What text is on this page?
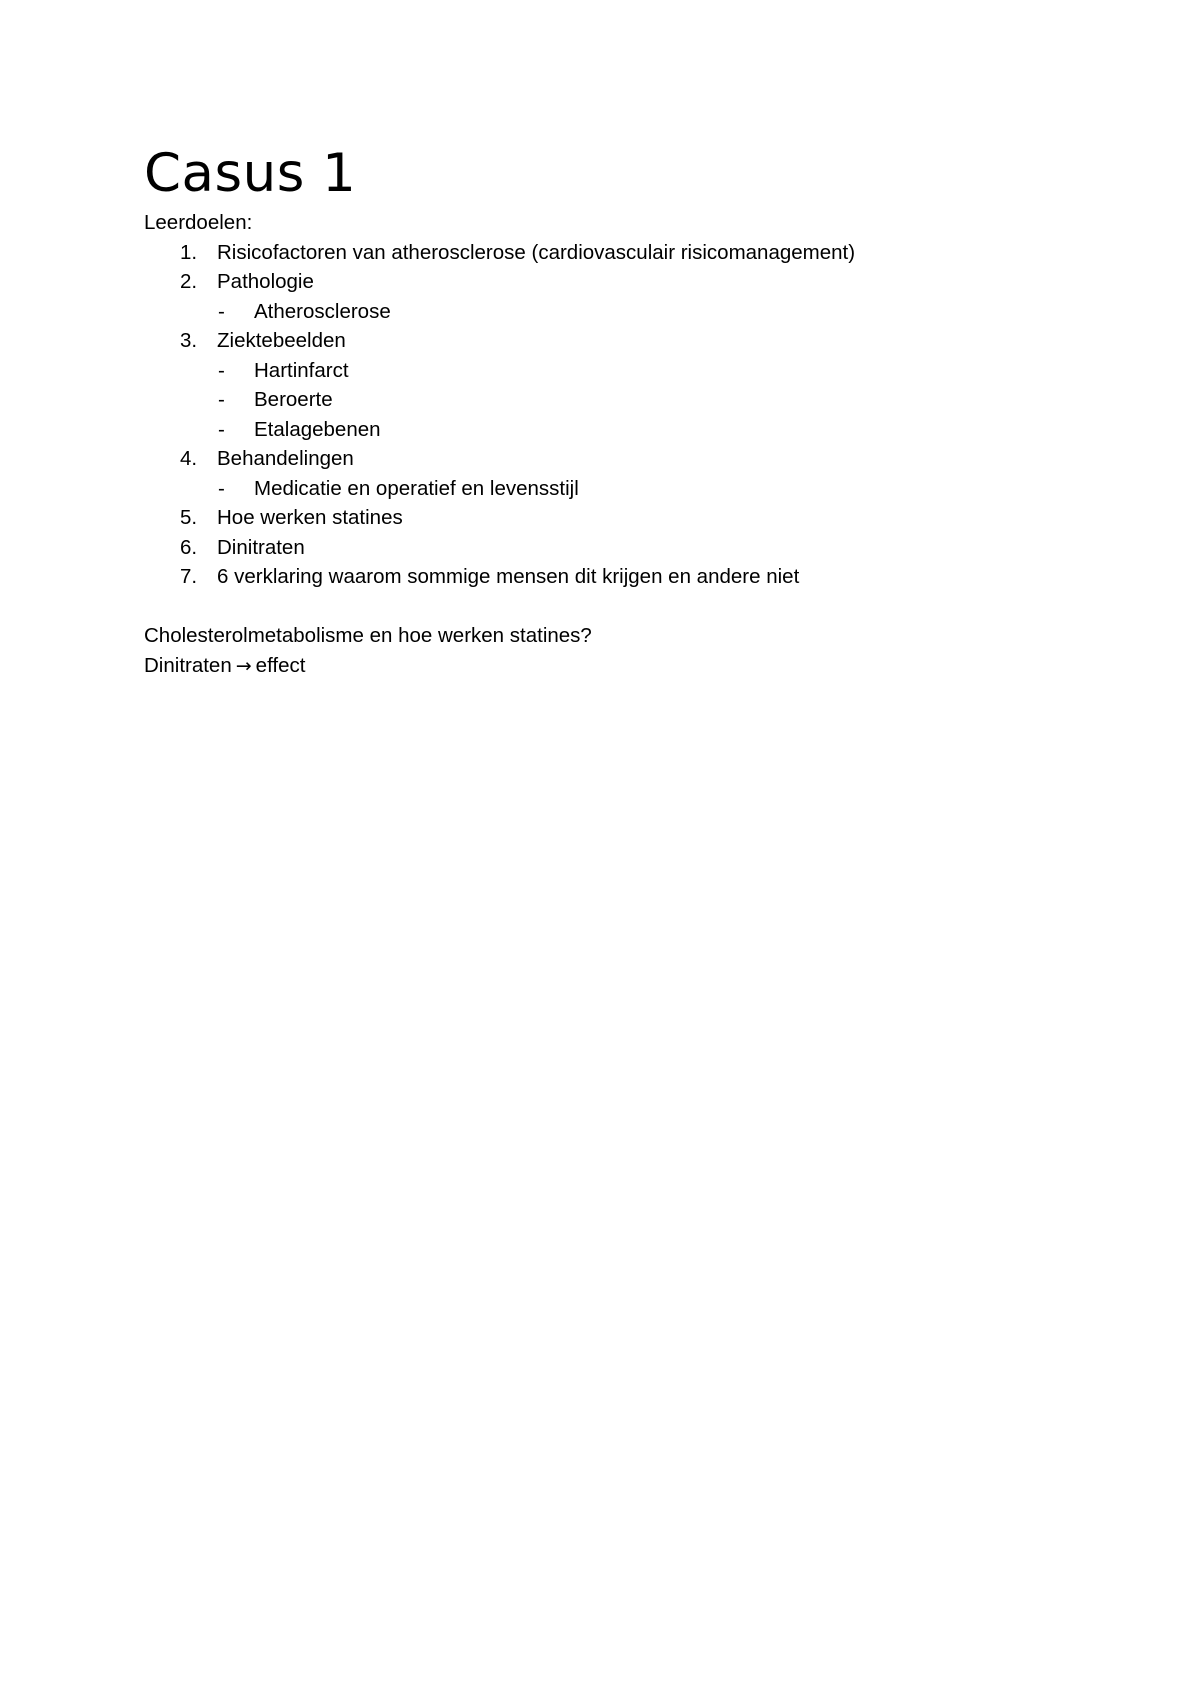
Casus 1
Leerdoelen:
1. Risicofactoren van atherosclerose (cardiovasculair risicomanagement)
2. Pathologie
- Atherosclerose
3. Ziektebeelden
- Hartinfarct
- Beroerte
- Etalagebenen
4. Behandelingen
- Medicatie en operatief en levensstijl
5. Hoe werken statines
6. Dinitraten
7. 6 verklaring waarom sommige mensen dit krijgen en andere niet
Cholesterolmetabolisme en hoe werken statines?
Dinitraten → effect
